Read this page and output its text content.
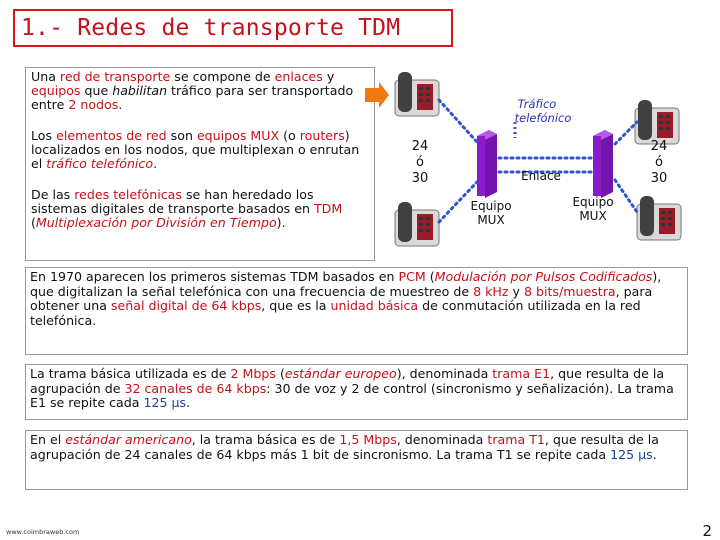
1.- Redes de transporte TDM

Una red de transporte se compone de enlaces y equipos que habilitan tráfico para ser transportado entre 2 nodos.

Los elementos de red son equipos MUX (o routers) localizados en los nodos, que multiplexan o enrutan el tráfico telefónico.

De las redes telefónicas se han heredado los sistemas digitales de transporte basados en TDM (Multiplexación por División en Tiempo).

Tráfico
telefónico
24
ó
30
24
ó
30
Enlace
Equipo
MUX
Equipo
MUX
En 1970 aparecen los primeros sistemas TDM basados en PCM (Modulación por Pulsos Codificados), que digitalizan la señal telefónica con una frecuencia de muestreo de 8 kHz y 8 bits/muestra, para obtener una señal digital de 64 kbps, que es la unidad básica de conmutación utilizada en la red telefónica.
La trama básica utilizada es de 2 Mbps (estándar europeo), denominada trama E1, que resulta de la agrupación de 32 canales de 64 kbps: 30 de voz y 2 de control (sincronismo y señalización). La trama E1 se repite cada 125 µs.
En el estándar americano, la trama básica es de 1,5 Mbps, denominada trama T1, que resulta de la agrupación de 24 canales de 64 kbps más 1 bit de sincronismo. La trama T1 se repite cada 125 µs.
www.coimbraweb.com	2
